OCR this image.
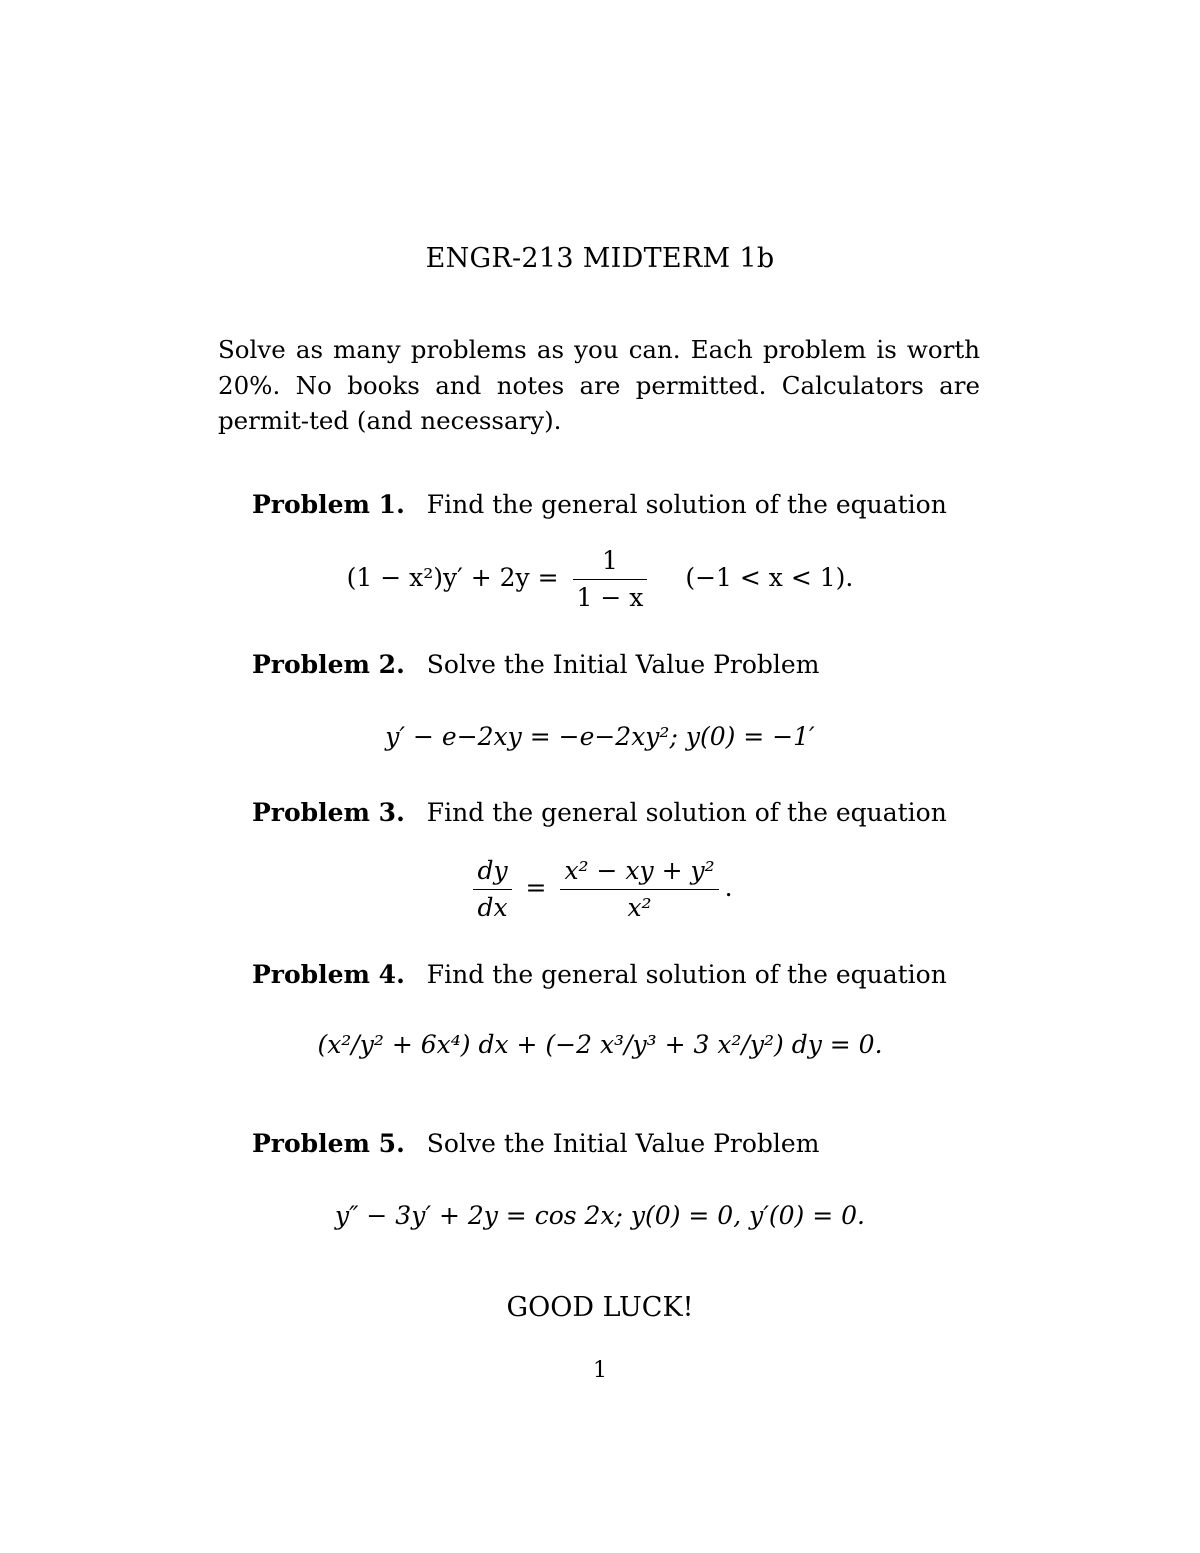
ENGR-213 MIDTERM 1b
Solve as many problems as you can. Each problem is worth 20%. No books and notes are permitted. Calculators are permit-ted (and necessary).
Problem 1. Find the general solution of the equation
$(1 - x^2)y' + 2y = \frac{1}{1 - x} (-1 < x < 1)$.
Problem 2. Solve the Initial Value Problem
y′ − e−2xy = −e−2xy²; y(0) = −1′
Problem 3. Find the general solution of the equation
$\frac{dy}{dx} = \frac{\text{x² − xy + y²}}{\text{x²}}$ .
Problem 4. Find the general solution of the equation
(x²/y² + 6x⁴) dx + (−2 x³/y³ + 3 x²/y²) dy = 0.
Problem 5. Solve the Initial Value Problem
y″ − 3y′ + 2y = cos 2x; y(0) = 0, y′(0) = 0.
GOOD LUCK!
1
